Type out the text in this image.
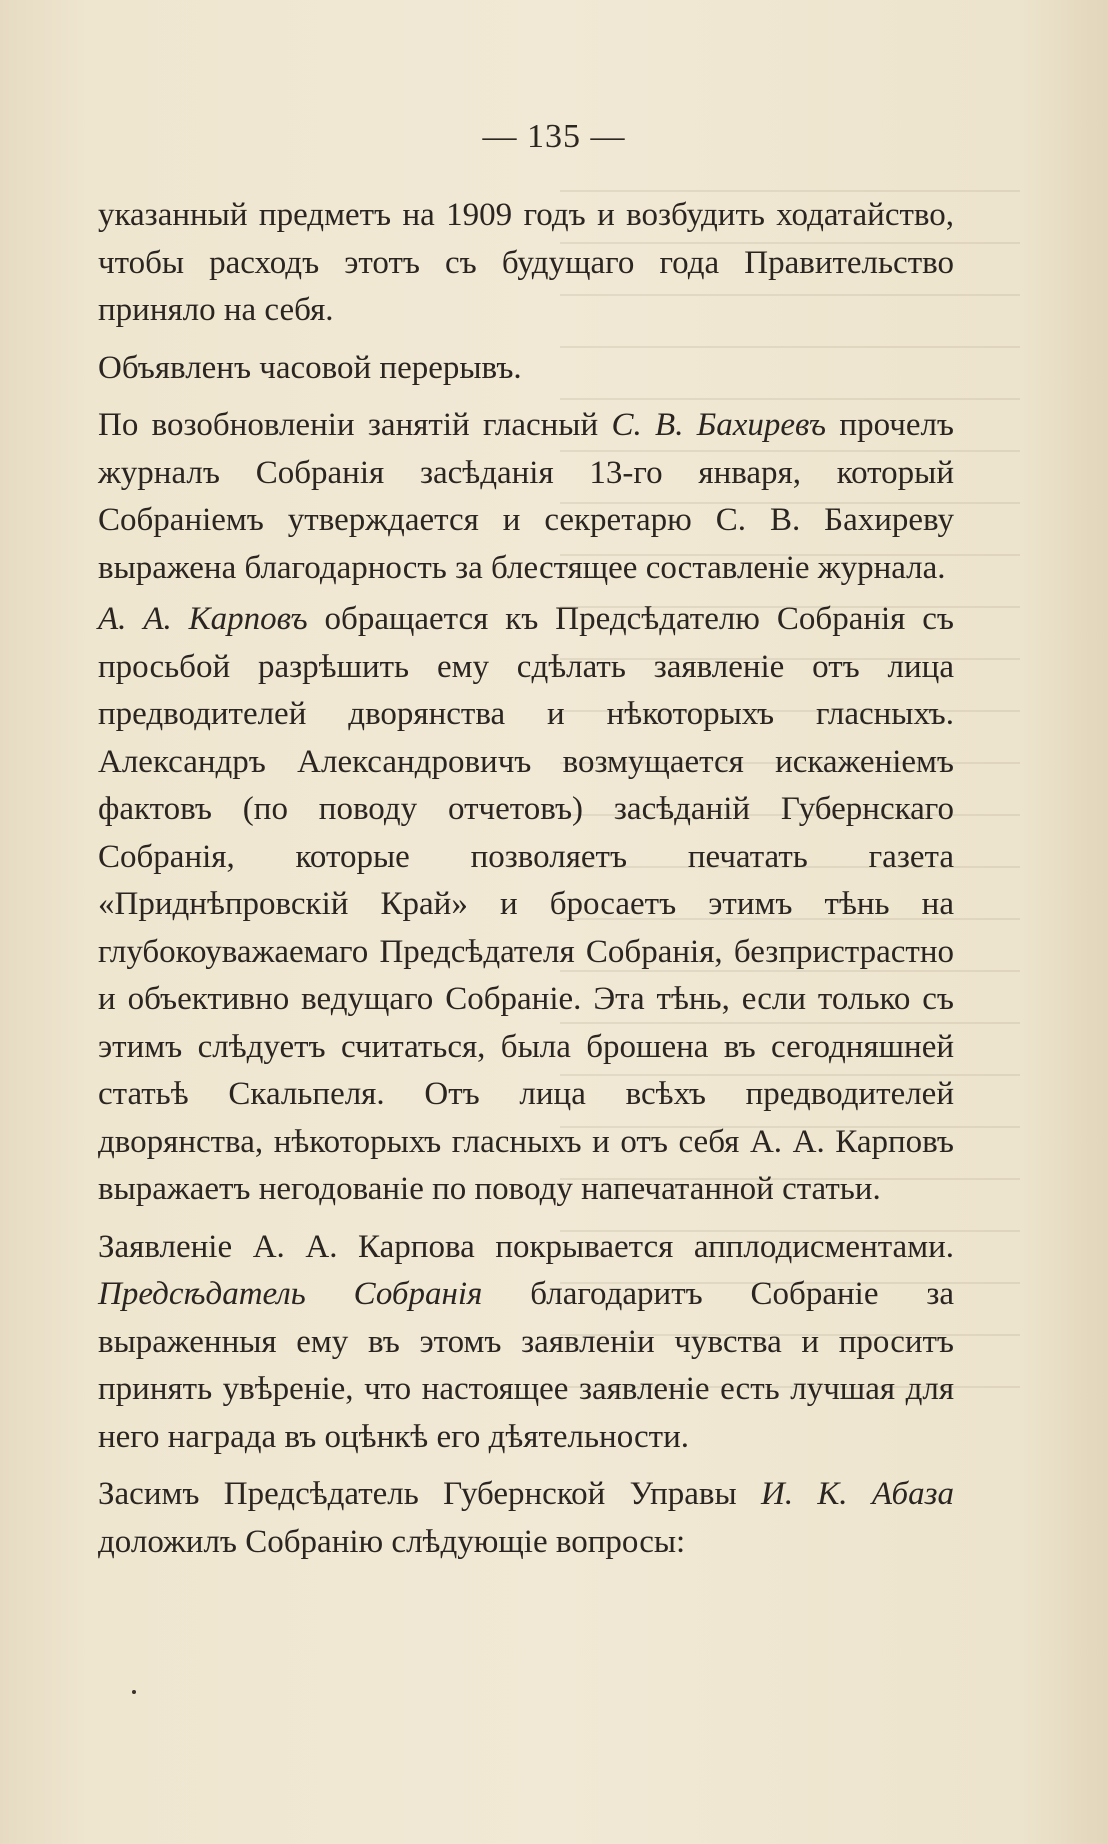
— 135 —

указанный предметъ на 1909 годъ и возбудить ходатайство, чтобы расходъ этотъ съ будущаго года Правительство приняло на себя.

Объявленъ часовой перерывъ.

По возобновленіи занятій гласный С. В. Бахиревъ прочелъ журналъ Собранія засѣданія 13-го января, который Собраніемъ утверждается и секретарю С. В. Бахиреву выражена благодарность за блестящее составленіе журнала.

А. А. Карповъ обращается къ Предсѣдателю Собранія съ просьбой разрѣшить ему сдѣлать заявленіе отъ лица предводителей дворянства и нѣкоторыхъ гласныхъ. Александръ Александровичъ возмущается искаженіемъ фактовъ (по поводу отчетовъ) засѣданій Губернскаго Собранія, которые позволяетъ печатать газета «Приднѣпровскій Край» и бросаетъ этимъ тѣнь на глубокоуважаемаго Предсѣдателя Собранія, безпристрастно и объективно ведущаго Собраніе. Эта тѣнь, если только съ этимъ слѣдуетъ считаться, была брошена въ сегодняшней статьѣ Скальпеля. Отъ лица всѣхъ предводителей дворянства, нѣкоторыхъ гласныхъ и отъ себя А. А. Карповъ выражаетъ негодованіе по поводу напечатанной статьи.

Заявленіе А. А. Карпова покрывается апплодисментами. Предсѣдатель Собранія благодаритъ Собраніе за выраженныя ему въ этомъ заявленіи чувства и проситъ принять увѣреніе, что настоящее заявленіе есть лучшая для него награда въ оцѣнкѣ его дѣятельности.

Засимъ Предсѣдатель Губернской Управы И. К. Абаза доложилъ Собранію слѣдующіе вопросы:
